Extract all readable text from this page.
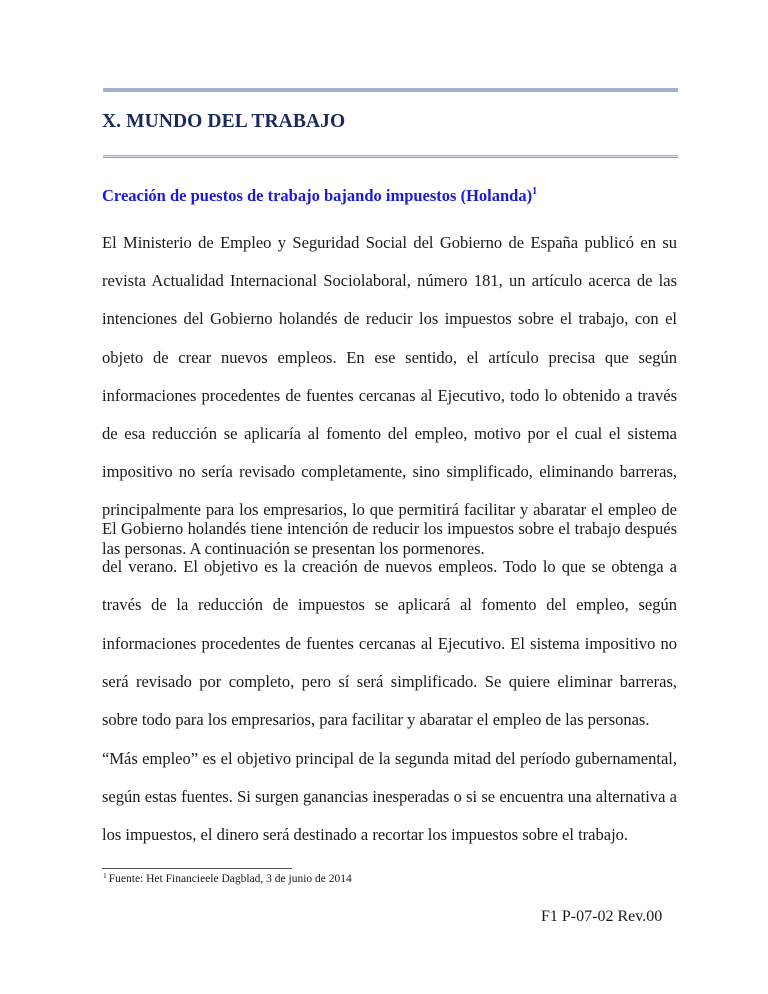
X. MUNDO DEL TRABAJO
Creación de puestos de trabajo bajando impuestos (Holanda)$^1$

El Ministerio de Empleo y Seguridad Social del Gobierno de España publicó en su revista Actualidad Internacional Sociolaboral, número 181, un artículo acerca de las intenciones del Gobierno holandés de reducir los impuestos sobre el trabajo, con el objeto de crear nuevos empleos. En ese sentido, el artículo precisa que según informaciones procedentes de fuentes cercanas al Ejecutivo, todo lo obtenido a través de esa reducción se aplicaría al fomento del empleo, motivo por el cual el sistema impositivo no sería revisado completamente, sino simplificado, eliminando barreras, principalmente para los empresarios, lo que permitirá facilitar y abaratar el empleo de las personas. A continuación se presentan los pormenores.

El Gobierno holandés tiene intención de reducir los impuestos sobre el trabajo después del verano. El objetivo es la creación de nuevos empleos. Todo lo que se obtenga a través de la reducción de impuestos se aplicará al fomento del empleo, según informaciones procedentes de fuentes cercanas al Ejecutivo. El sistema impositivo no será revisado por completo, pero sí será simplificado. Se quiere eliminar barreras, sobre todo para los empresarios, para facilitar y abaratar el empleo de las personas.

“Más empleo” es el objetivo principal de la segunda mitad del período gubernamental, según estas fuentes. Si surgen ganancias inesperadas o si se encuentra una alternativa a los impuestos, el dinero será destinado a recortar los impuestos sobre el trabajo.

$^1$ Fuente: Het Financieele Dagblad, 3 de junio de 2014

F1 P-07-02 Rev.00
